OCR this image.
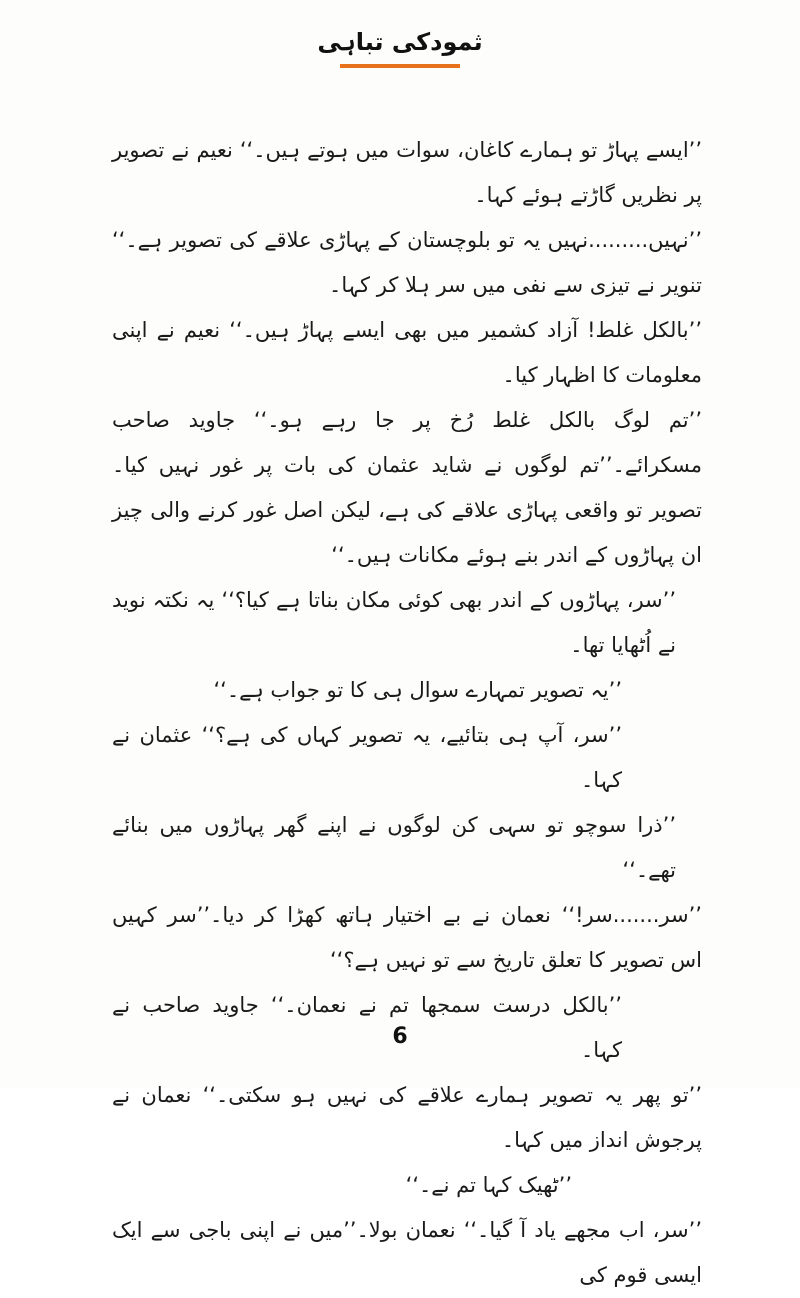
ثمودکی تباہی

’’ایسے پہاڑ تو ہمارے کاغان، سوات میں ہوتے ہیں۔‘‘ نعیم نے تصویر پر نظریں گاڑتے ہوئے کہا۔

’’نہیں.........نہیں یہ تو بلوچستان کے پہاڑی علاقے کی تصویر ہے۔‘‘ تنویر نے تیزی سے نفی میں سر ہلا کر کہا۔

’’بالکل غلط! آزاد کشمیر میں بھی ایسے پہاڑ ہیں۔‘‘ نعیم نے اپنی معلومات کا اظہار کیا۔

’’تم لوگ بالکل غلط رُخ پر جا رہے ہو۔‘‘ جاوید صاحب مسکرائے۔’’تم لوگوں نے شاید عثمان کی بات پر غور نہیں کیا۔ تصویر تو واقعی پہاڑی علاقے کی ہے، لیکن اصل غور کرنے والی چیز ان پہاڑوں کے اندر بنے ہوئے مکانات ہیں۔‘‘

’’سر، پہاڑوں کے اندر بھی کوئی مکان بناتا ہے کیا؟‘‘ یہ نکتہ نوید نے اُٹھایا تھا۔

’’یہ تصویر تمہارے سوال ہی کا تو جواب ہے۔‘‘

’’سر، آپ ہی بتائیے، یہ تصویر کہاں کی ہے؟‘‘ عثمان نے کہا۔

’’ذرا سوچو تو سہی کن لوگوں نے اپنے گھر پہاڑوں میں بنائے تھے۔‘‘

’’سر.......سر!‘‘ نعمان نے بے اختیار ہاتھ کھڑا کر دیا۔’’سر کہیں اس تصویر کا تعلق تاریخ سے تو نہیں ہے؟‘‘

’’بالکل درست سمجھا تم نے نعمان۔‘‘ جاوید صاحب نے کہا۔

’’تو پھر یہ تصویر ہمارے علاقے کی نہیں ہو سکتی۔‘‘ نعمان نے پرجوش انداز میں کہا۔

’’ٹھیک کہا تم نے۔‘‘

’’سر، اب مجھے یاد آ گیا۔‘‘ نعمان بولا۔’’میں نے اپنی باجی سے ایک ایسی قوم کی

6
